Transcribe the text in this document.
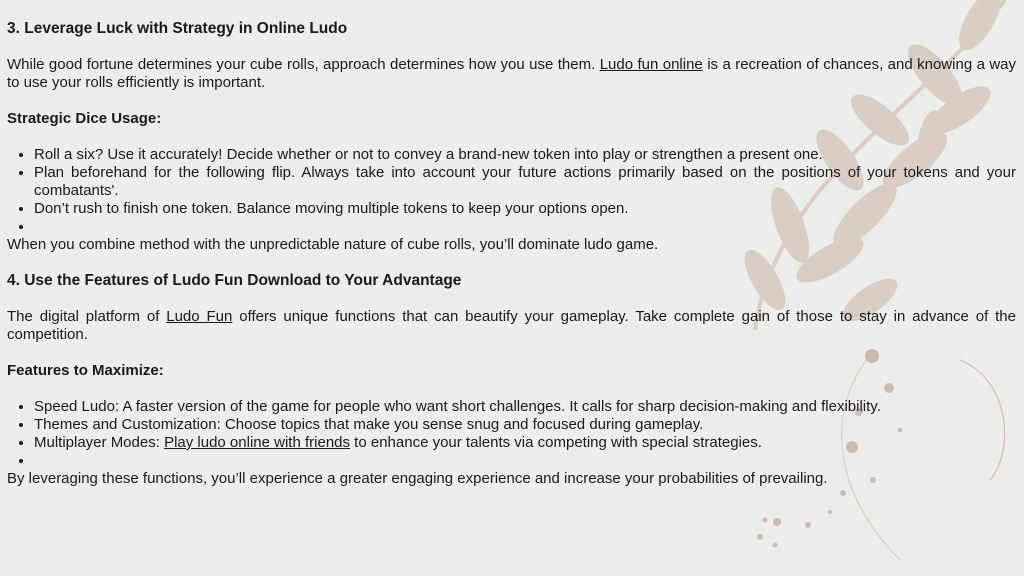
3. Leverage Luck with Strategy in Online Ludo

While good fortune determines your cube rolls, approach determines how you use them. Ludo fun online is a recreation of chances, and knowing a way to use your rolls efficiently is important.

Strategic Dice Usage:

• Roll a six? Use it accurately! Decide whether or not to convey a brand-new token into play or strengthen a present one.
• Plan beforehand for the following flip. Always take into account your future actions primarily based on the positions of your tokens and your combatants'.
• Don’t rush to finish one token. Balance moving multiple tokens to keep your options open.
•

When you combine method with the unpredictable nature of cube rolls, you’ll dominate ludo game.

4. Use the Features of Ludo Fun Download to Your Advantage

The digital platform of Ludo Fun offers unique functions that can beautify your gameplay. Take complete gain of those to stay in advance of the competition.

Features to Maximize:

• Speed Ludo: A faster version of the game for people who want short challenges. It calls for sharp decision-making and flexibility.
• Themes and Customization: Choose topics that make you sense snug and focused during gameplay.
• Multiplayer Modes: Play ludo online with friends to enhance your talents via competing with special strategies.
•

By leveraging these functions, you’ll experience a greater engaging experience and increase your probabilities of prevailing.
